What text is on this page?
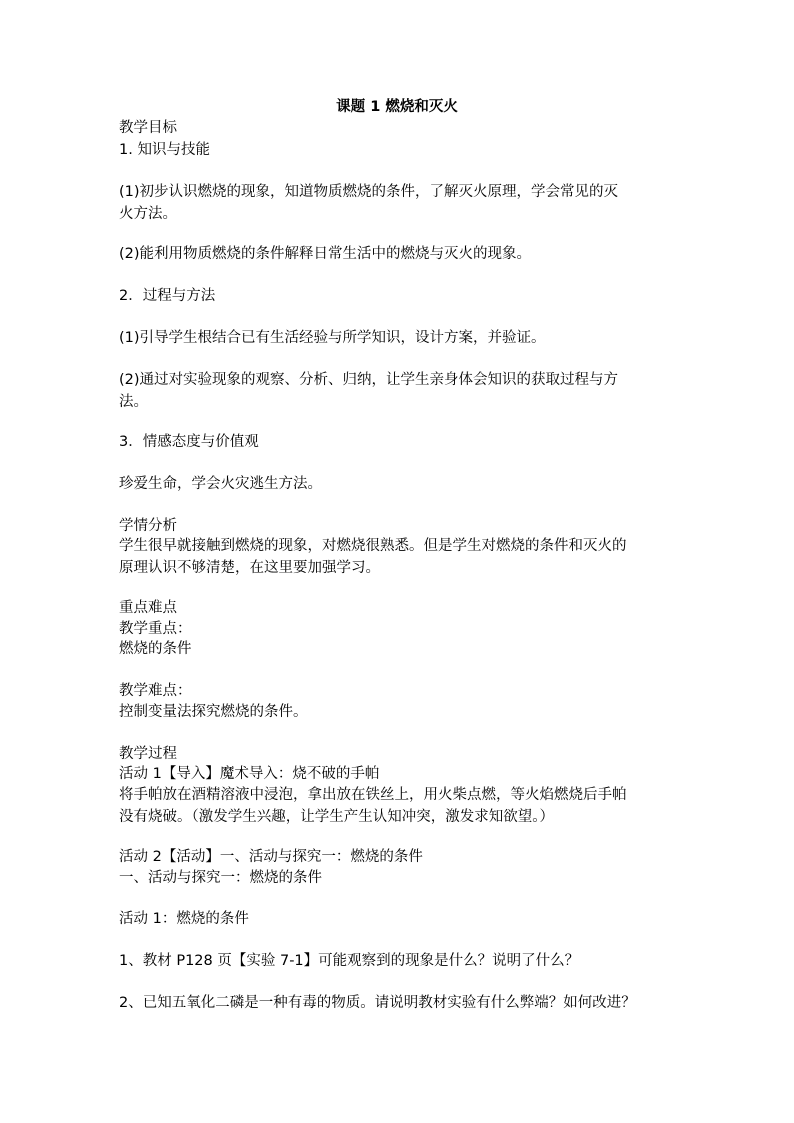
课题 1 燃烧和灭火
教学目标
1. 知识与技能
(1)初步认识燃烧的现象，知道物质燃烧的条件，了解灭火原理，学会常见的灭
火方法。
(2)能利用物质燃烧的条件解释日常生活中的燃烧与灭火的现象。
2．过程与方法
(1)引导学生根结合已有生活经验与所学知识，设计方案，并验证。
(2)通过对实验现象的观察、分析、归纳，让学生亲身体会知识的获取过程与方
法。
3．情感态度与价值观
珍爱生命，学会火灾逃生方法。
学情分析
学生很早就接触到燃烧的现象，对燃烧很熟悉。但是学生对燃烧的条件和灭火的
原理认识不够清楚，在这里要加强学习。
重点难点
教学重点：
燃烧的条件
教学难点：
控制变量法探究燃烧的条件。
教学过程
活动 1【导入】魔术导入：烧不破的手帕
将手帕放在酒精溶液中浸泡，拿出放在铁丝上，用火柴点燃，等火焰燃烧后手帕
没有烧破。（激发学生兴趣，让学生产生认知冲突，激发求知欲望。）
活动 2【活动】一、活动与探究一：燃烧的条件
一、活动与探究一：燃烧的条件
活动 1：燃烧的条件
1、教材 P128 页【实验 7-1】可能观察到的现象是什么？说明了什么？
2、已知五氧化二磷是一种有毒的物质。请说明教材实验有什么弊端？如何改进？
